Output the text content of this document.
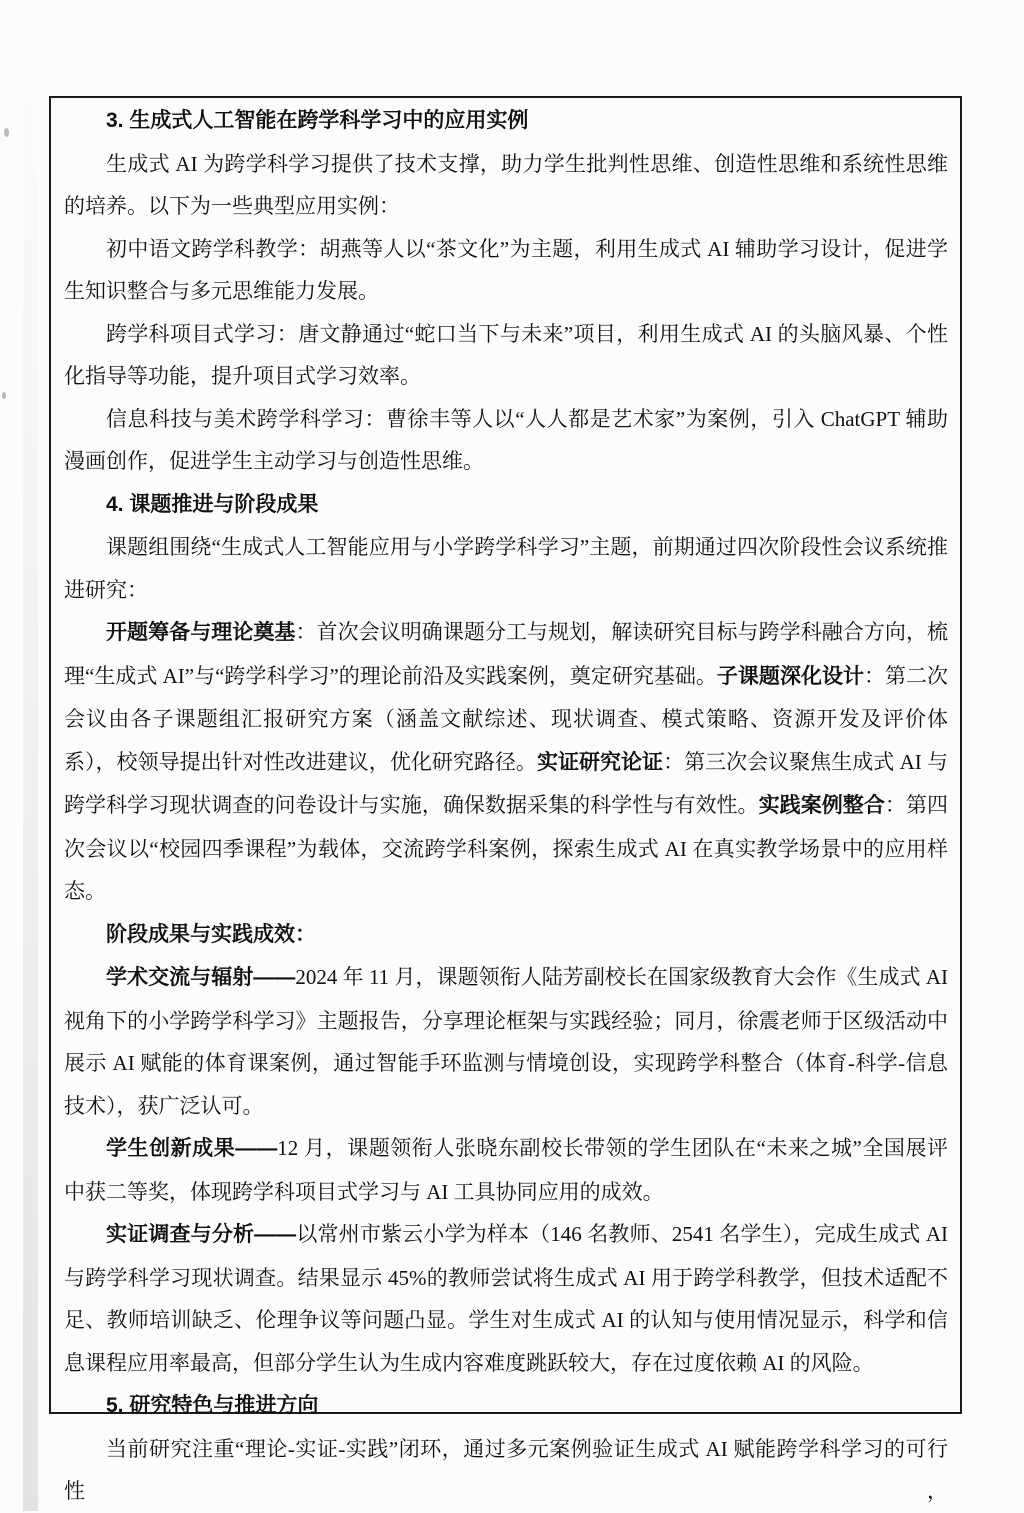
3. 生成式人工智能在跨学科学习中的应用实例

生成式 AI 为跨学科学习提供了技术支撑，助力学生批判性思维、创造性思维和系统性思维的培养。以下为一些典型应用实例：

初中语文跨学科教学：胡燕等人以“茶文化”为主题，利用生成式 AI 辅助学习设计，促进学生知识整合与多元思维能力发展。

跨学科项目式学习：唐文静通过“蛇口当下与未来”项目，利用生成式 AI 的头脑风暴、个性化指导等功能，提升项目式学习效率。

信息科技与美术跨学科学习：曹徐丰等人以“人人都是艺术家”为案例，引入 ChatGPT 辅助漫画创作，促进学生主动学习与创造性思维。

4. 课题推进与阶段成果

课题组围绕“生成式人工智能应用与小学跨学科学习”主题，前期通过四次阶段性会议系统推进研究：

开题筹备与理论奠基：首次会议明确课题分工与规划，解读研究目标与跨学科融合方向，梳理“生成式 AI”与“跨学科学习”的理论前沿及实践案例，奠定研究基础。子课题深化设计：第二次会议由各子课题组汇报研究方案（涵盖文献综述、现状调查、模式策略、资源开发及评价体系），校领导提出针对性改进建议，优化研究路径。实证研究论证：第三次会议聚焦生成式 AI 与跨学科学习现状调查的问卷设计与实施，确保数据采集的科学性与有效性。实践案例整合：第四次会议以“校园四季课程”为载体，交流跨学科案例，探索生成式 AI 在真实教学场景中的应用样态。

阶段成果与实践成效：

学术交流与辐射——2024 年 11 月，课题领衔人陆芳副校长在国家级教育大会作《生成式 AI 视角下的小学跨学科学习》主题报告，分享理论框架与实践经验；同月，徐震老师于区级活动中展示 AI 赋能的体育课案例，通过智能手环监测与情境创设，实现跨学科整合（体育-科学-信息技术），获广泛认可。

学生创新成果——12 月，课题领衔人张晓东副校长带领的学生团队在“未来之城”全国展评中获二等奖，体现跨学科项目式学习与 AI 工具协同应用的成效。

实证调查与分析——以常州市紫云小学为样本（146 名教师、2541 名学生），完成生成式 AI 与跨学科学习现状调查。结果显示 45%的教师尝试将生成式 AI 用于跨学科教学，但技术适配不足、教师培训缺乏、伦理争议等问题凸显。学生对生成式 AI 的认知与使用情况显示，科学和信息课程应用率最高，但部分学生认为生成内容难度跳跃较大，存在过度依赖 AI 的风险。

5. 研究特色与推进方向

当前研究注重“理论-实证-实践”闭环，通过多元案例验证生成式 AI 赋能跨学科学习的可行性，
